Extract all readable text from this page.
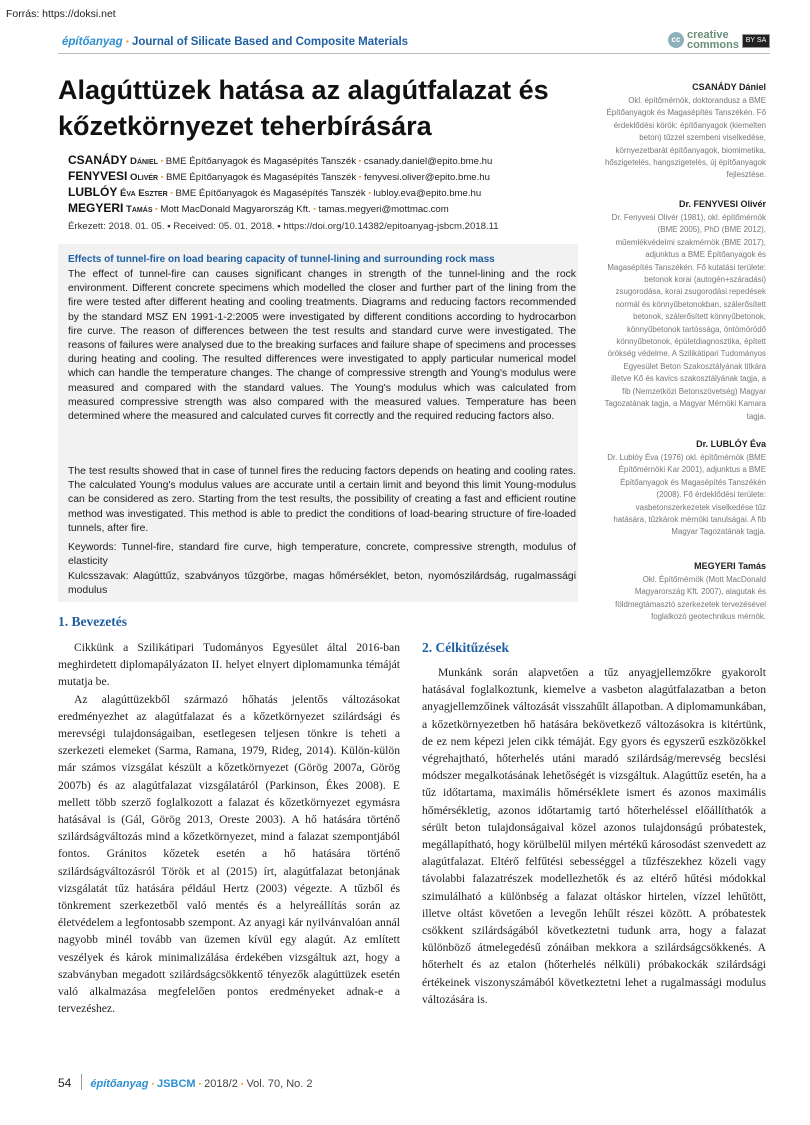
Forrás: https://doksi.net
építőanyag ▪ Journal of Silicate Based and Composite Materials	cc creative
commons BY SA
Alagúttüzek hatása az alagútfalazat és kőzetkörnyezet teherbírására
CSANÁDY Dániel ▪ BME Építőanyagok és Magasépítés Tanszék ▪ csanady.daniel@epito.bme.hu
FENYVESI Olivér ▪ BME Építőanyagok és Magasépítés Tanszék ▪ fenyvesi.oliver@epito.bme.hu
LUBLÓY Éva Eszter ▪ BME Építőanyagok és Magasépítés Tanszék ▪ lubloy.eva@epito.bme.hu
MEGYERI Tamás ▪ Mott MacDonald Magyarország Kft. ▪ tamas.megyeri@mottmac.com
Érkezett: 2018. 01. 05. ▪ Received: 05. 01. 2018. ▪ https://doi.org/10.14382/epitoanyag-jsbcm.2018.11
Effects of tunnel-fire on load bearing capacity of tunnel-lining and surrounding rock mass

The effect of tunnel-fire can causes significant changes in strength of the tunnel-lining and the rock environment. Different concrete specimens which modelled the closer and further part of the lining from the fire were tested after different heating and cooling treatments. Diagrams and reducing factors recommended by the standard MSZ EN 1991-1-2:2005 were investigated by different conditions according to hydrocarbon fire curve. The reason of differences between the test results and standard curve were investigated. The reasons of failures were analysed due to the breaking surfaces and failure shape of specimens and processes during heating and cooling. The resulted differences were investigated to apply particular numerical model which can handle the temperature changes. The change of compressive strength and Young's modulus were measured and compared with the standard values. The Young's modulus which was calculated from measured compressive strength was also compared with the measured values. Temperature has been determined where the measured and calculated curves fit correctly and the required reducing factors also.

The test results showed that in case of tunnel fires the reducing factors depends on heating and cooling rates. The calculated Young's modulus values are accurate until a certain limit and beyond this limit Young-modulus can be considered as zero. Starting from the test results, the possibility of creating a fast and efficient routine method was investigated. This method is able to predict the conditions of load-bearing structure of fire-loaded tunnels, after fire.

Keywords: Tunnel-fire, standard fire curve, high temperature, concrete, compressive strength, modulus of elasticity

Kulcsszavak: Alagúttűz, szabványos tűzgörbe, magas hőmérséklet, beton, nyomószilárdság, rugalmassági modulus

CSANÁDY Dániel

Okl. építőmérnök, doktorandusz a BME Építőanyagok és Magasépítés Tanszékén. Fő érdeklődési körök: építőanyagok (kiemelten beton) tűzzel szembeni viselkedése, környezetbarát építőanyagok, biomimetika, hőszigetelés, hangszigetelés, új építőanyagok fejlesztése.

Dr. FENYVESI Olivér

Dr. Fenyvesi Olivér (1981), okl. építőmérnök (BME 2005), PhD (BME 2012), műemlékvédelmi szakmérnök (BME 2017), adjunktus a BME Építőanyagok és Magasépítés Tanszékén. Fő kutatási területe: betonok korai (autogén+száradási) zsugorodása, korai zsugorodási repedések normál és könnyűbetonokban, szálerősített betonok, szálerősített könnyűbetonok, könnyűbetonok tartóssága, öntömörödő könnyűbetonok, épületdiagnosztika, épített örökség védelme. A Szilikátipari Tudományos Egyesület Beton Szakosztályának titkára illetve Kő és kavics szakosztályának tagja, a fib (Nemzetközi Betonszövetség) Magyar Tagozatának tagja, a Magyar Mérnöki Kamara tagja.

Dr. LUBLÓY Éva

Dr. Lublóy Éva (1976) okl. építőmérnök (BME Építőmérnöki Kar 2001), adjunktus a BME Építőanyagok és Magasépítés Tanszékén (2008). Fő érdeklődési területe: vasbetonszerkezetek viselkedése tűz hatására, tűzkárok mérnöki tanulságai. A fib Magyar Tagozatának tagja.

MEGYERI Tamás

Okl. Építőmérnök (Mott MacDonald Magyarország Kft. 2007), alagutak és földmegtámasztó szerkezetek tervezésével foglalkozó geotechnikus mérnök.

1. Bevezetés

Cikkünk a Szilikátipari Tudományos Egyesület által 2016-ban meghirdetett diplomapályázaton II. helyet elnyert diplomamunka témáját mutatja be.

Az alagúttüzekből származó hőhatás jelentős változásokat eredményezhet az alagútfalazat és a kőzetkörnyezet szilárdsági és merevségi tulajdonságaiban, esetlegesen teljesen tönkre is teheti a szerkezeti elemeket (Sarma, Ramana, 1979, Rideg, 2014). Külön-külön már számos vizsgálat készült a kőzetkörnyezet (Görög 2007a, Görög 2007b) és az alagútfalazat vizsgálatáról (Parkinson, Ékes 2008). E mellett több szerző foglalkozott a falazat és kőzetkörnyezet egymásra hatásával is (Gál, Görög 2013, Oreste 2003). A hő hatására történő szilárdságváltozás mind a kőzetkörnyezet, mind a falazat szempontjából fontos. Gránitos kőzetek esetén a hő hatására történő szilárdságváltozásról Török et al (2015) írt, alagútfalazat betonjának vizsgálatát tűz hatására például Hertz (2003) végezte. A tűzből és tönkrement szerkezetből való mentés és a helyreállítás során az életvédelem a legfontosabb szempont. Az anyagi kár nyilvánvalóan annál nagyobb minél tovább van üzemen kívül egy alagút. Az említett veszélyek és károk minimalizálása érdekében vizsgáltuk azt, hogy a szabványban megadott szilárdságcsökkentő tényezők alagúttüzek esetén való alkalmazása megfelelően pontos eredményeket adnak-e a tervezéshez.

2. Célkitűzések

Munkánk során alapvetően a tűz anyagjellemzőkre gyakorolt hatásával foglalkoztunk, kiemelve a vasbeton alagútfalazatban a beton anyagjellemzőinek változását visszahűlt állapotban. A diplomamunkában, a kőzetkörnyezetben hő hatására bekövetkező változásokra is kitértünk, de ez nem képezi jelen cikk témáját. Egy gyors és egyszerű eszközökkel végrehajtható, hőterhelés utáni maradó szilárdság/merevség becslési módszer megalkotásának lehetőségét is vizsgáltuk. Alagúttűz esetén, ha a tűz időtartama, maximális hőmérséklete ismert és azonos maximális hőmérsékletig, azonos időtartamig tartó hőterheléssel előállíthatók a sérült beton tulajdonságaival közel azonos tulajdonságú próbatestek, megállapítható, hogy körülbelül milyen mértékű károsodást szenvedett az alagútfalazat. Eltérő felfűtési sebességgel a tűzfészekhez közeli vagy távolabbi falazatrészek modellezhetők és az eltérő hűtési módokkal szimulálható a különbség a falazat oltáskor hirtelen, vízzel lehűtött, illetve oltást követően a levegőn lehűlt részei között. A próbatestek csökkent szilárdságából következtetni tudunk arra, hogy a falazat különböző átmelegedésű zónáiban mekkora a szilárdságcsökkenés. A hőterhelt és az etalon (hőterhelés nélküli) próbakockák szilárdsági értékeinek viszonyszámából következtetni lehet a rugalmassági modulus változására is.

54 építőanyag ▪ JSBCM ▪ 2018/2 ▪ Vol. 70, No. 2
